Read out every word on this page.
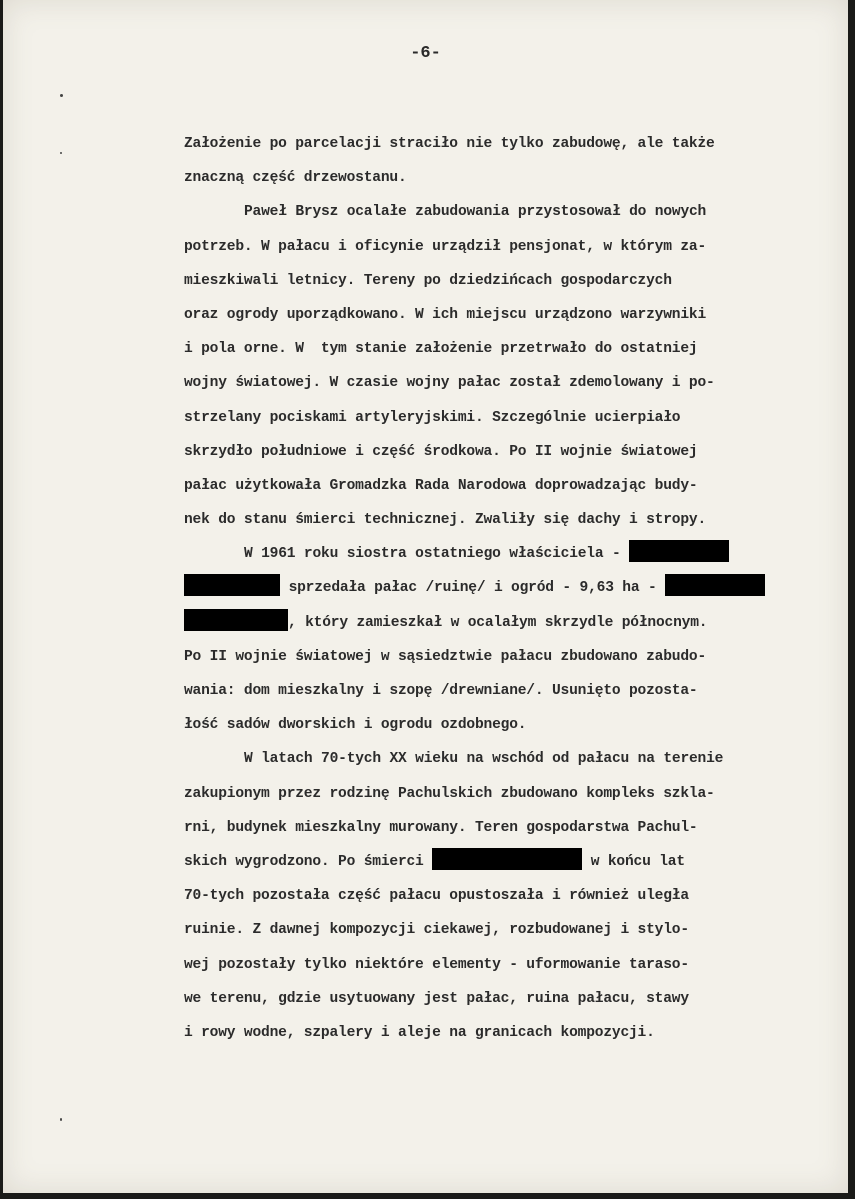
-6-
Założenie po parcelacji straciło nie tylko zabudowę, ale także
znaczną część drzewostanu.
Paweł Brysz ocalałe zabudowania przystosował do nowych
potrzeb. W pałacu i oficynie urządził pensjonat, w którym za-
mieszkiwali letnicy. Tereny po dziedzińcach gospodarczych
oraz ogrody uporządkowano. W ich miejscu urządzono warzywniki
i pola orne. W  tym stanie założenie przetrwało do ostatniej
wojny światowej. W czasie wojny pałac został zdemolowany i po-
strzelany pociskami artyleryjskimi. Szczególnie ucierpiało
skrzydło południowe i część środkowa. Po II wojnie światowej
pałac użytkowała Gromadzka Rada Narodowa doprowadzając budy-
nek do stanu śmierci technicznej. Zwaliły się dachy i stropy.
W 1961 roku siostra ostatniego właściciela -
sprzedała pałac /ruinę/ i ogród - 9,63 ha -
, który zamieszkał w ocalałym skrzydle północnym.
Po II wojnie światowej w sąsiedztwie pałacu zbudowano zabudo-
wania: dom mieszkalny i szopę /drewniane/. Usunięto pozosta-
łość sadów dworskich i ogrodu ozdobnego.
W latach 70-tych XX wieku na wschód od pałacu na terenie
zakupionym przez rodzinę Pachulskich zbudowano kompleks szkla-
rni, budynek mieszkalny murowany. Teren gospodarstwa Pachul-
skich wygrodzono. Po śmierci	w końcu lat
70-tych pozostała część pałacu opustoszała i również uległa
ruinie. Z dawnej kompozycji ciekawej, rozbudowanej i stylo-
wej pozostały tylko niektóre elementy - uformowanie taraso-
we terenu, gdzie usytuowany jest pałac, ruina pałacu, stawy
i rowy wodne, szpalery i aleje na granicach kompozycji.
